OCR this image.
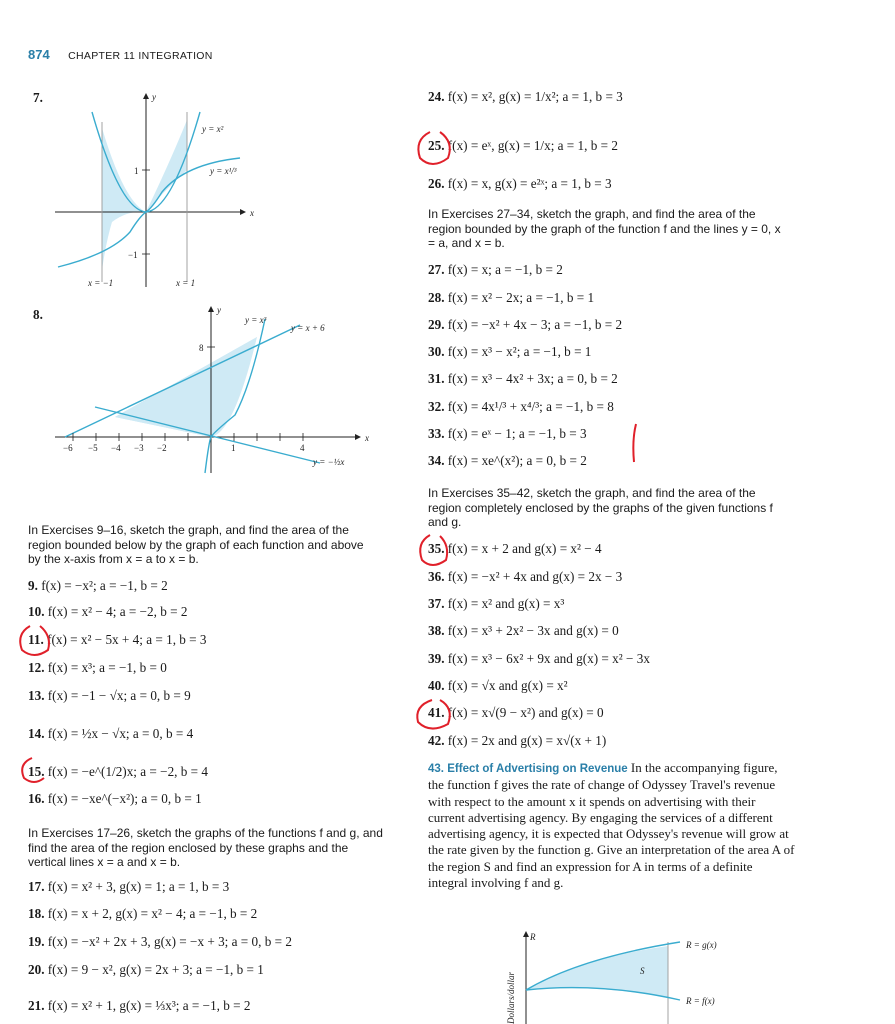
874 CHAPTER 11 INTEGRATION
7.	y
x
y = x²
y = x¹/³
1
−1
x = −1	x = 1
8.	y
x
y = x³
y = x + 6
y = −½x
8
1	4
−6 −5 −4 −3 −2
In Exercises 9–16, sketch the graph, and find the area of the region bounded below by the graph of each function and above by the x-axis from x = a to x = b.
9. f(x) = −x²; a = −1, b = 2
10. f(x) = x² − 4; a = −2, b = 2
11. f(x) = x² − 5x + 4; a = 1, b = 3
12. f(x) = x³; a = −1, b = 0
13. f(x) = −1 − √x; a = 0, b = 9
14. f(x) = ½x − √x; a = 0, b = 4
15. f(x) = −e^(1/2)x; a = −2, b = 4
16. f(x) = −xe^(−x²); a = 0, b = 1
In Exercises 17–26, sketch the graphs of the functions f and g, and find the area of the region enclosed by these graphs and the vertical lines x = a and x = b.
17. f(x) = x² + 3, g(x) = 1; a = 1, b = 3
18. f(x) = x + 2, g(x) = x² − 4; a = −1, b = 2
19. f(x) = −x² + 2x + 3, g(x) = −x + 3; a = 0, b = 2
20. f(x) = 9 − x², g(x) = 2x + 3; a = −1, b = 1
21. f(x) = x² + 1, g(x) = ⅓x³; a = −1, b = 2
24. f(x) = x², g(x) = 1/x²; a = 1, b = 3
25. f(x) = eˣ, g(x) = 1/x; a = 1, b = 2
26. f(x) = x, g(x) = e²ˣ; a = 1, b = 3
In Exercises 27–34, sketch the graph, and find the area of the region bounded by the graph of the function f and the lines y = 0, x = a, and x = b.
27. f(x) = x; a = −1, b = 2
28. f(x) = x² − 2x; a = −1, b = 1
29. f(x) = −x² + 4x − 3; a = −1, b = 2
30. f(x) = x³ − x²; a = −1, b = 1
31. f(x) = x³ − 4x² + 3x; a = 0, b = 2
32. f(x) = 4x¹/³ + x⁴/³; a = −1, b = 8
33. f(x) = eˣ − 1; a = −1, b = 3
34. f(x) = xe^(x²); a = 0, b = 2
In Exercises 35–42, sketch the graph, and find the area of the region completely enclosed by the graphs of the given functions f and g.
35. f(x) = x + 2 and g(x) = x² − 4
36. f(x) = −x² + 4x and g(x) = 2x − 3
37. f(x) = x² and g(x) = x³
38. f(x) = x³ + 2x² − 3x and g(x) = 0
39. f(x) = x³ − 6x² + 9x and g(x) = x² − 3x
40. f(x) = √x and g(x) = x²
41. f(x) = x√(9 − x²) and g(x) = 0
42. f(x) = 2x and g(x) = x√(x + 1)
43. Effect of Advertising on Revenue In the accompanying figure, the function f gives the rate of change of Odyssey Travel's revenue with respect to the amount x it spends on advertising with their current advertising agency. By engaging the services of a different advertising agency, it is expected that Odyssey's revenue will grow at the rate given by the function g. Give an interpretation of the area A of the region S and find an expression for A in terms of a definite integral involving f and g.
R
S
R = g(x)
R = f(x)
Dollars/dollar
